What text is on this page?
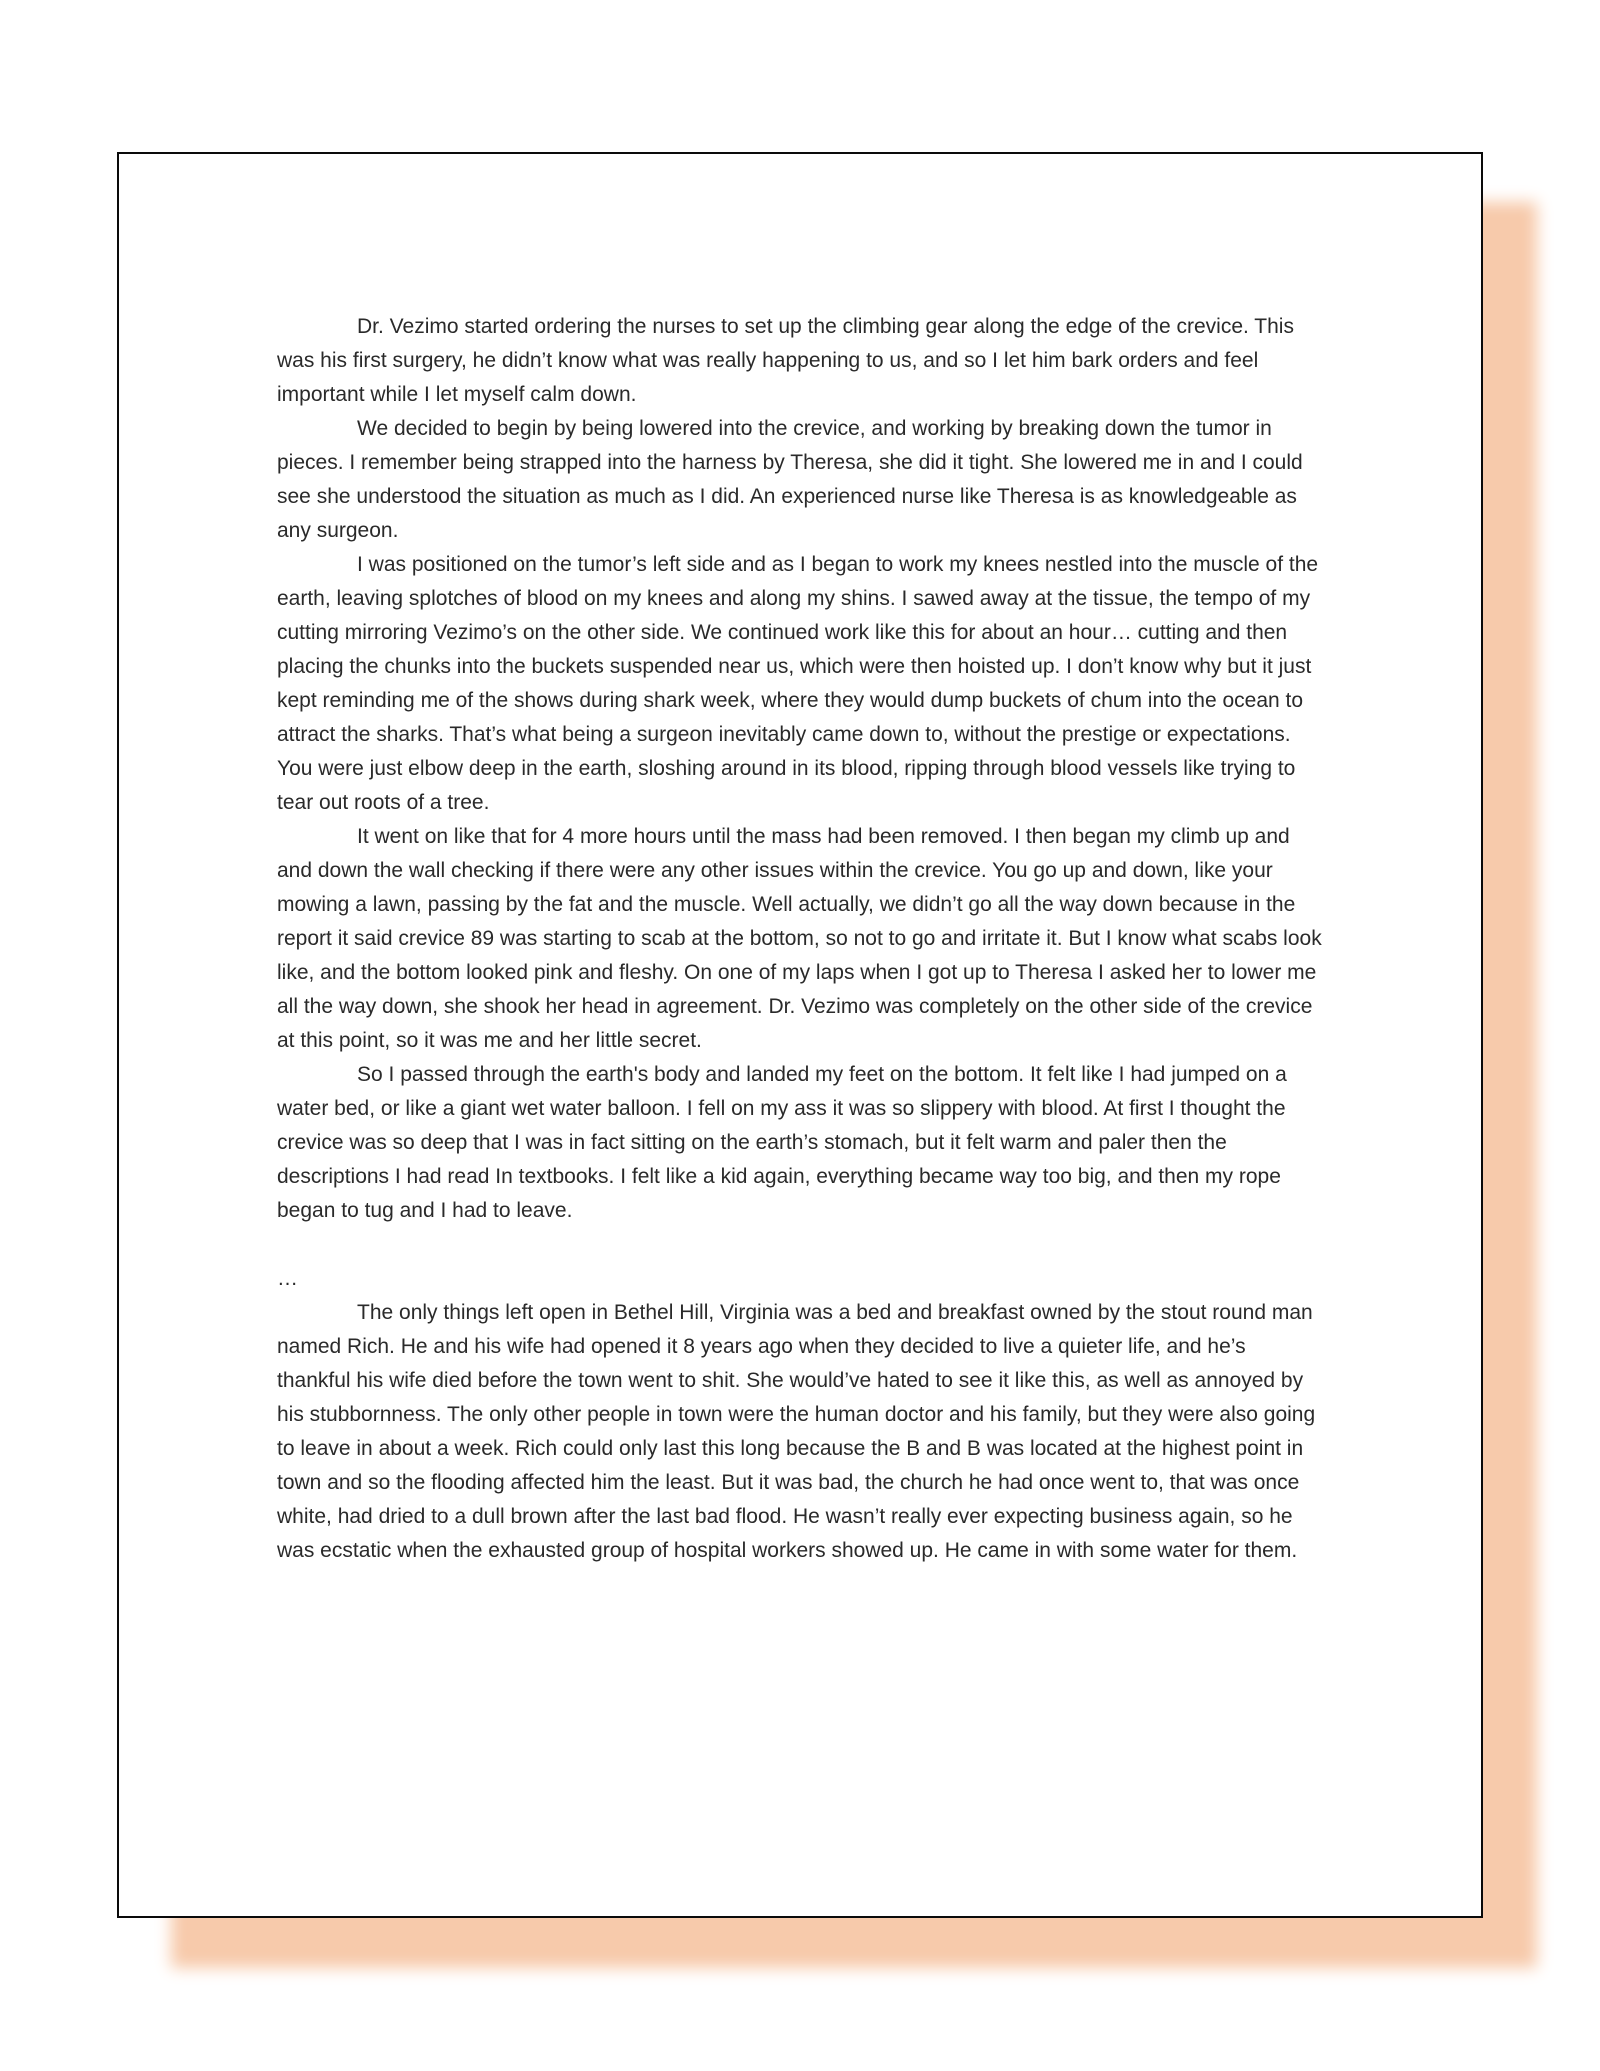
Dr. Vezimo started ordering the nurses to set up the climbing gear along the edge of the crevice. This was his first surgery, he didn’t know what was really happening to us, and so I let him bark orders and feel important while I let myself calm down.

We decided to begin by being lowered into the crevice, and working by breaking down the tumor in pieces. I remember being strapped into the harness by Theresa, she did it tight. She lowered me in and I could see she understood the situation as much as I did. An experienced nurse like Theresa is as knowledgeable as any surgeon.

I was positioned on the tumor’s left side and as I began to work my knees nestled into the muscle of the earth, leaving splotches of blood on my knees and along my shins. I sawed away at the tissue, the tempo of my cutting mirroring Vezimo’s on the other side. We continued work like this for about an hour… cutting and then placing the chunks into the buckets suspended near us, which were then hoisted up. I don’t know why but it just kept reminding me of the shows during shark week, where they would dump buckets of chum into the ocean to attract the sharks. That’s what being a surgeon inevitably came down to, without the prestige or expectations. You were just elbow deep in the earth, sloshing around in its blood, ripping through blood vessels like trying to tear out roots of a tree.

It went on like that for 4 more hours until the mass had been removed. I then began my climb up and and down the wall checking if there were any other issues within the crevice. You go up and down, like your mowing a lawn, passing by the fat and the muscle. Well actually, we didn’t go all the way down because in the report it said crevice 89 was starting to scab at the bottom, so not to go and irritate it. But I know what scabs look like, and the bottom looked pink and fleshy. On one of my laps when I got up to Theresa I asked her to lower me all the way down, she shook her head in agreement. Dr. Vezimo was completely on the other side of the crevice at this point, so it was me and her little secret.

So I passed through the earth's body and landed my feet on the bottom. It felt like I had jumped on a water bed, or like a giant wet water balloon. I fell on my ass it was so slippery with blood. At first I thought the crevice was so deep that I was in fact sitting on the earth’s stomach, but it felt warm and paler then the descriptions I had read In textbooks. I felt like a kid again, everything became way too big, and then my rope began to tug and I had to leave.

…

The only things left open in Bethel Hill, Virginia was a bed and breakfast owned by the stout round man named Rich. He and his wife had opened it 8 years ago when they decided to live a quieter life, and he’s thankful his wife died before the town went to shit. She would’ve hated to see it like this, as well as annoyed by his stubbornness. The only other people in town were the human doctor and his family, but they were also going to leave in about a week. Rich could only last this long because the B and B was located at the highest point in town and so the flooding affected him the least. But it was bad, the church he had once went to, that was once white, had dried to a dull brown after the last bad flood. He wasn’t really ever expecting business again, so he was ecstatic when the exhausted group of hospital workers showed up. He came in with some water for them.
